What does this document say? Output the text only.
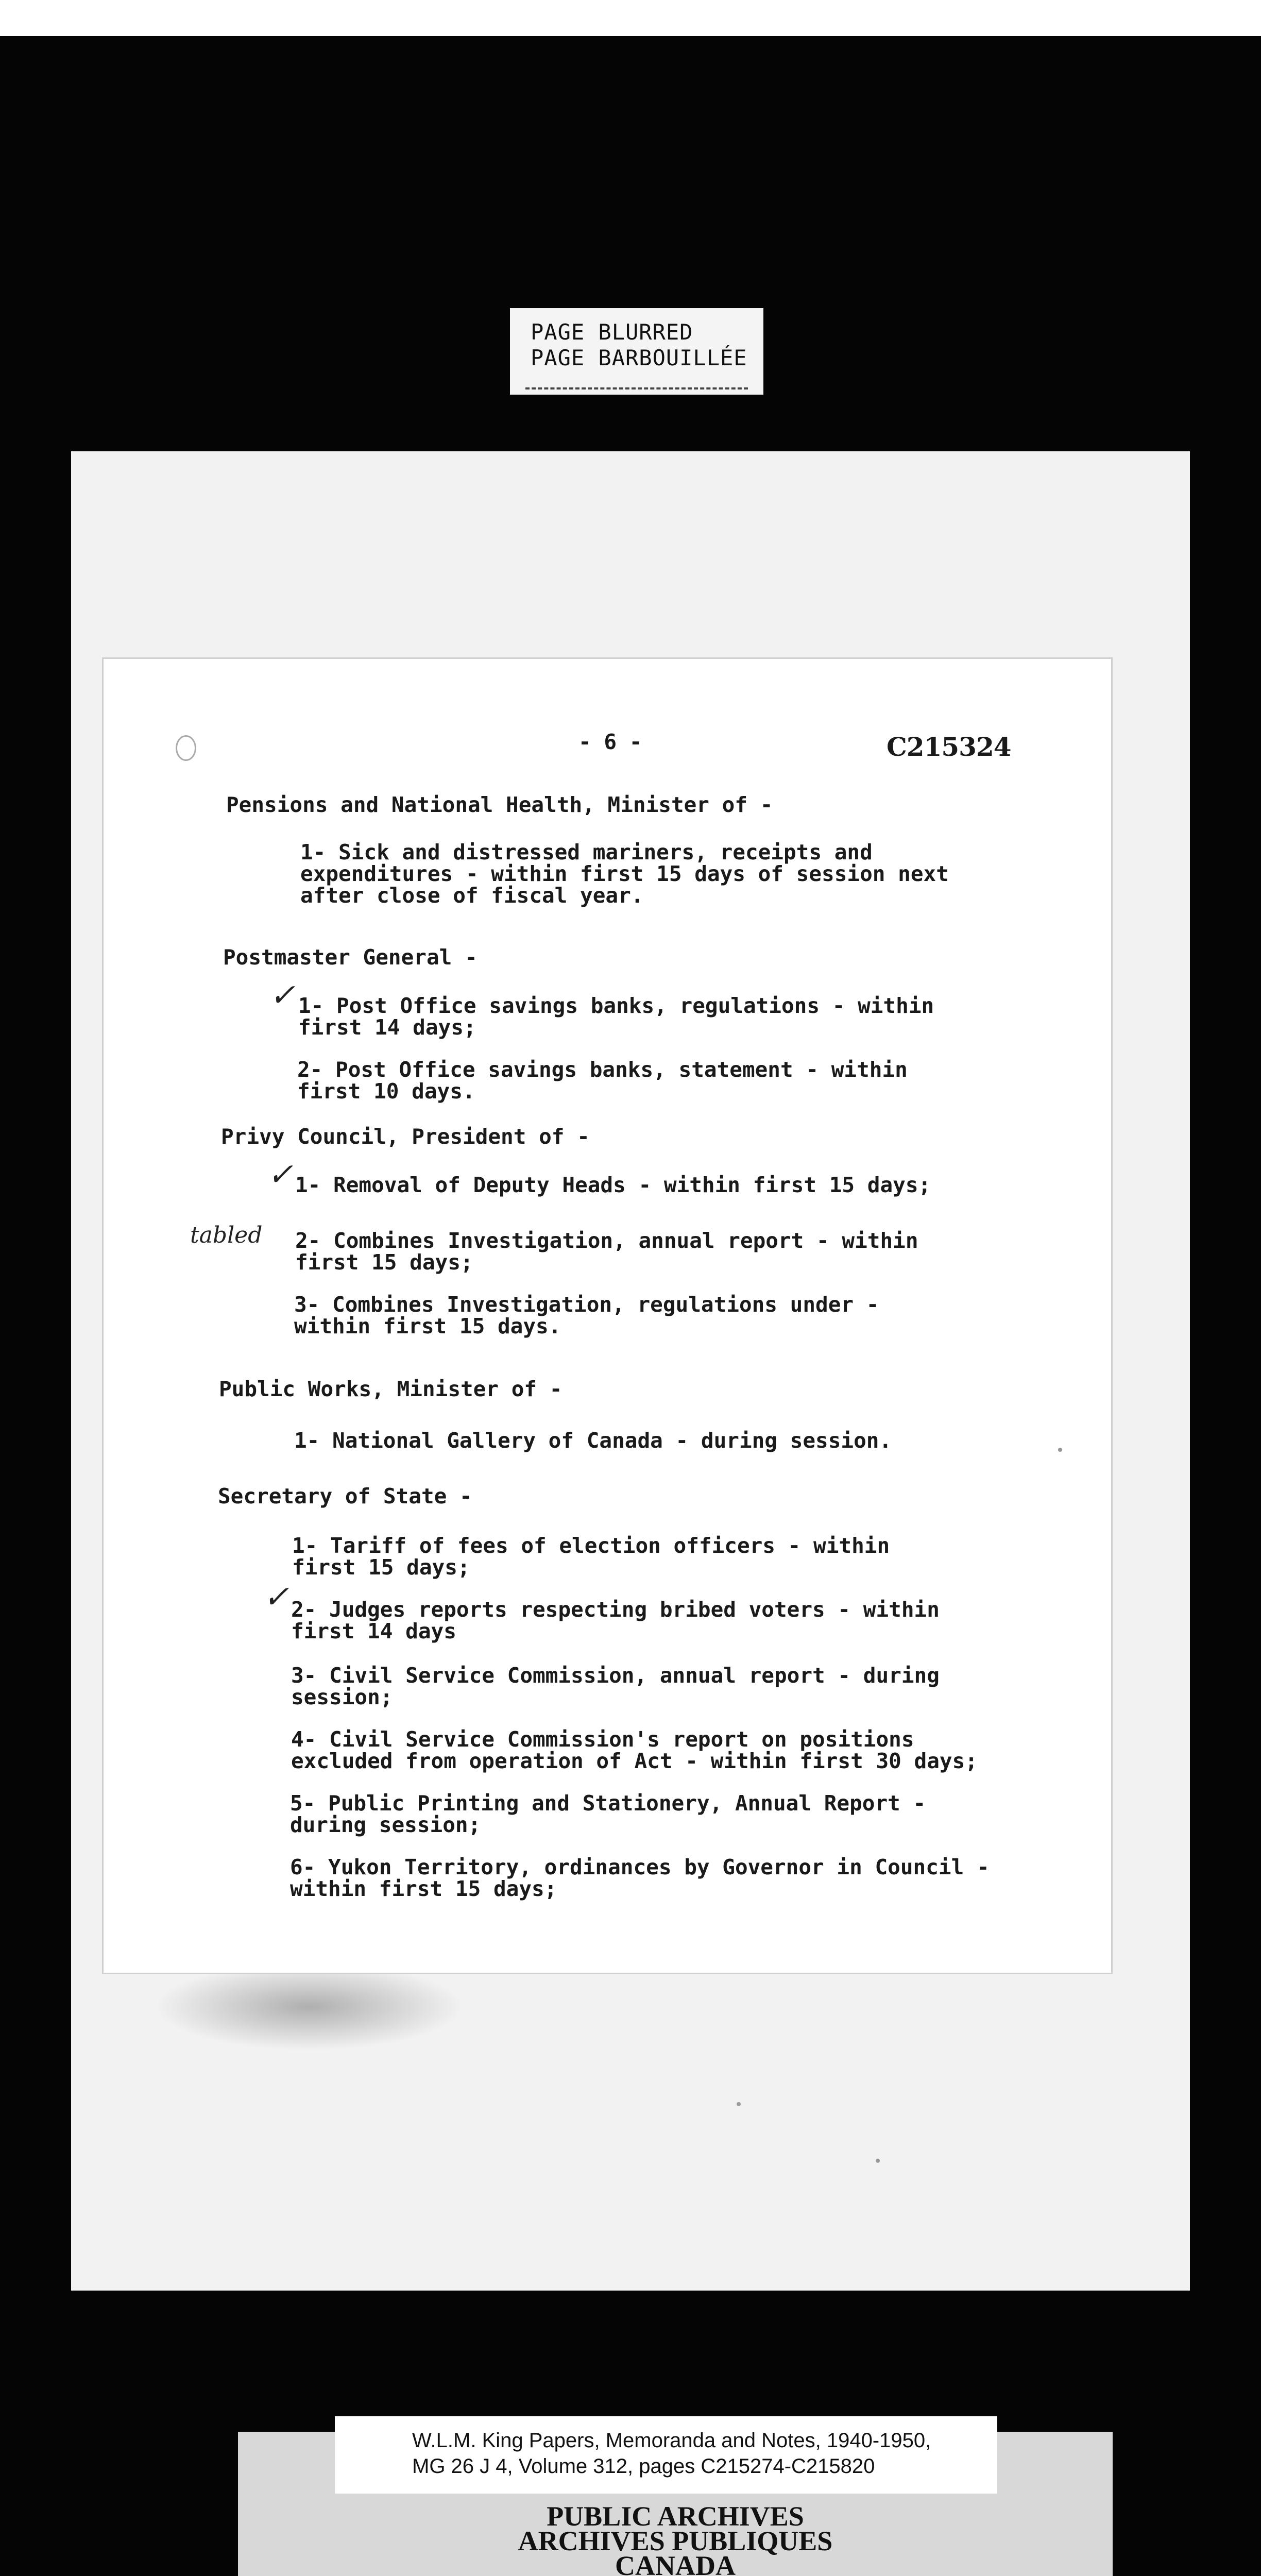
PAGE BLURRED
PAGE BARBOUILLÉE
- 6 -	C215324
Pensions and National Health, Minister of -
1- Sick and distressed mariners, receipts and
expenditures - within first 15 days of session next
after close of fiscal year.
Postmaster General -
1- Post Office savings banks, regulations - within
first 14 days;
2- Post Office savings banks, statement - within
first 10 days.
Privy Council, President of -
1- Removal of Deputy Heads - within first 15 days;
2- Combines Investigation, annual report - within
first 15 days;
3- Combines Investigation, regulations under -
within first 15 days.
Public Works, Minister of -
1- National Gallery of Canada - during session.
Secretary of State -
1- Tariff of fees of election officers - within
first 15 days;
2- Judges reports respecting bribed voters - within
first 14 days
3- Civil Service Commission, annual report - during
session;
4- Civil Service Commission's report on positions
excluded from operation of Act - within first 30 days;
5- Public Printing and Stationery, Annual Report -
during session;
6- Yukon Territory, ordinances by Governor in Council -
within first 15 days;
✓
✓
✓
tabled
W.L.M. King Papers, Memoranda and Notes, 1940-1950,
MG 26 J 4, Volume 312, pages C215274-C215820
PUBLIC ARCHIVES
ARCHIVES PUBLIQUES
CANADA
